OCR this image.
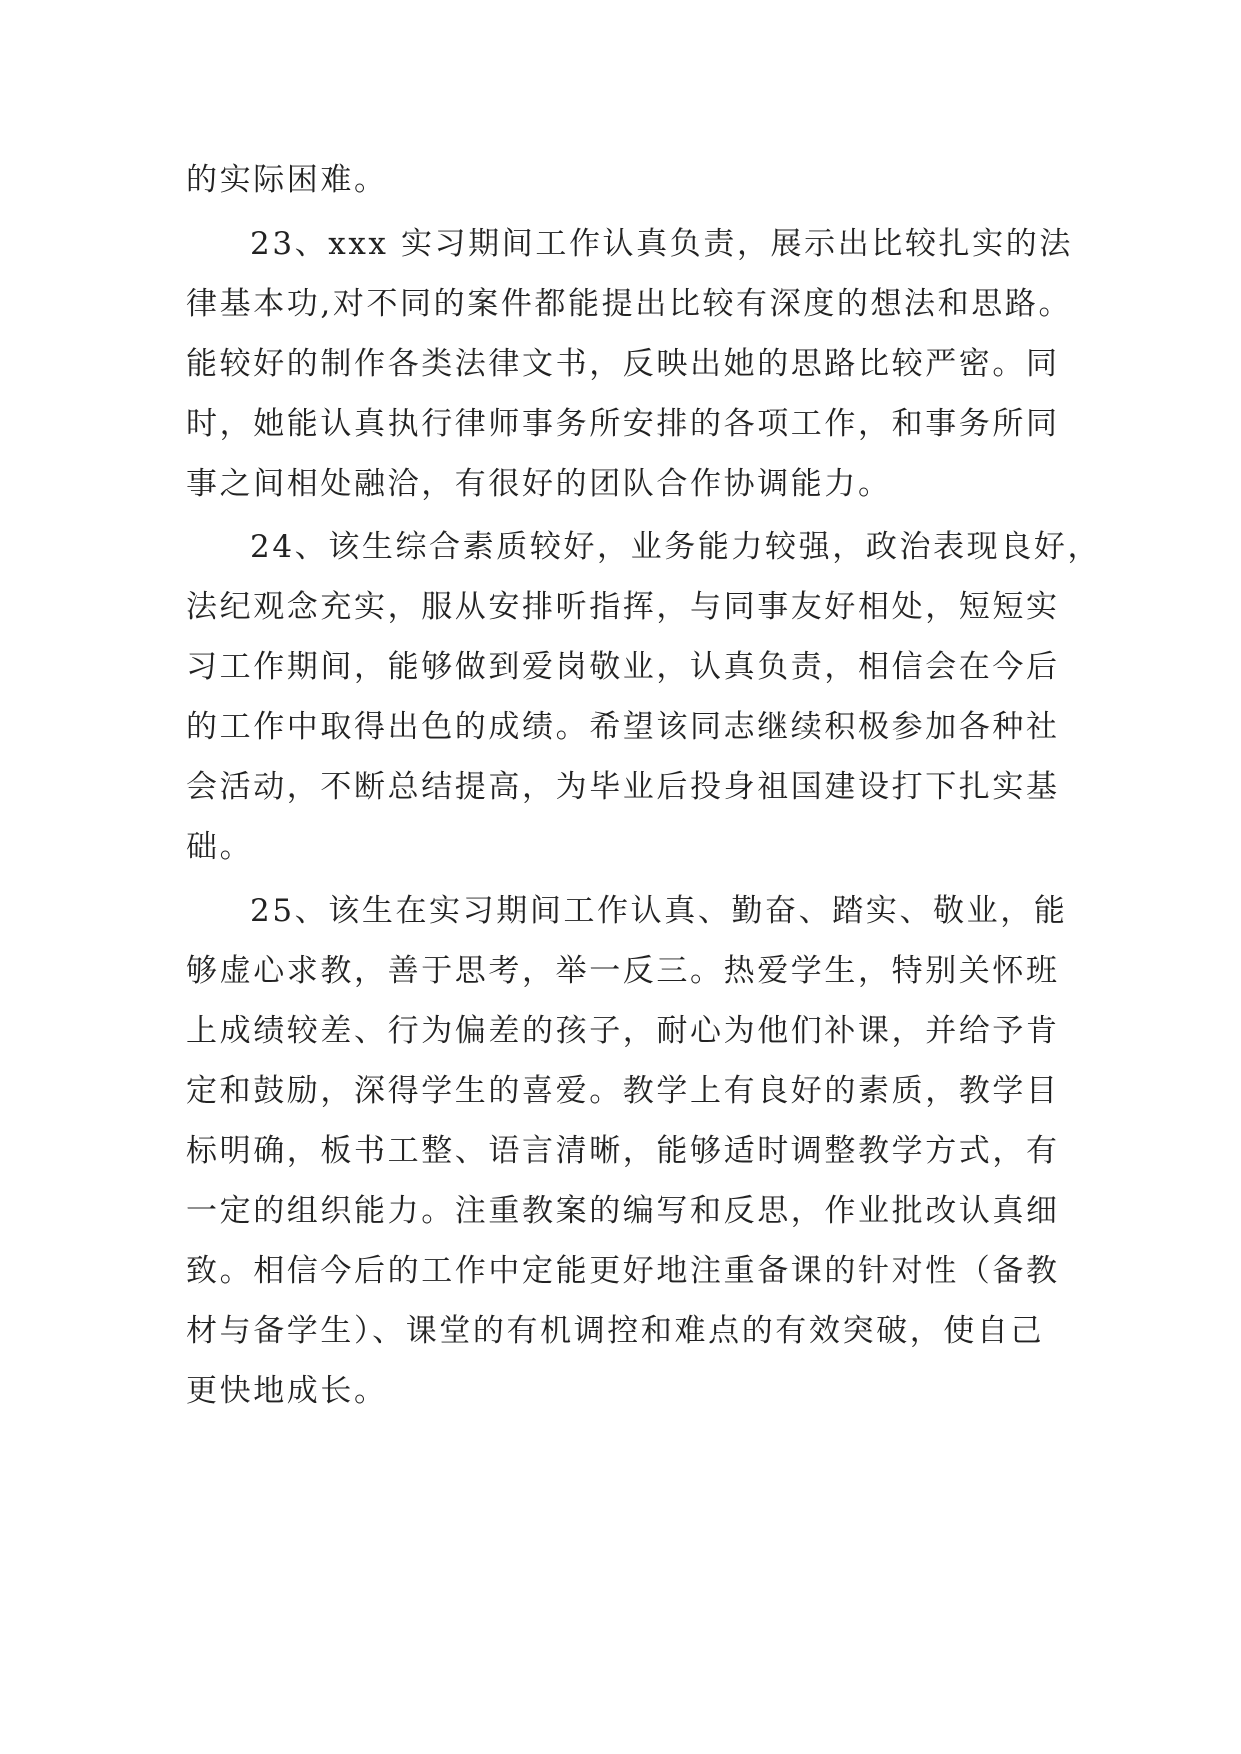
的实际困难。
23、xxx 实习期间工作认真负责，展示出比较扎实的法
律基本功,对不同的案件都能提出比较有深度的想法和思路。
能较好的制作各类法律文书，反映出她的思路比较严密。同
时，她能认真执行律师事务所安排的各项工作，和事务所同
事之间相处融洽，有很好的团队合作协调能力。
24、该生综合素质较好，业务能力较强，政治表现良好，
法纪观念充实，服从安排听指挥，与同事友好相处，短短实
习工作期间，能够做到爱岗敬业，认真负责，相信会在今后
的工作中取得出色的成绩。希望该同志继续积极参加各种社
会活动，不断总结提高，为毕业后投身祖国建设打下扎实基
础。
25、该生在实习期间工作认真、勤奋、踏实、敬业，能
够虚心求教，善于思考，举一反三。热爱学生，特别关怀班
上成绩较差、行为偏差的孩子，耐心为他们补课，并给予肯
定和鼓励，深得学生的喜爱。教学上有良好的素质，教学目
标明确，板书工整、语言清晰，能够适时调整教学方式，有
一定的组织能力。注重教案的编写和反思，作业批改认真细
致。相信今后的工作中定能更好地注重备课的针对性（备教
材与备学生）、课堂的有机调控和难点的有效突破，使自己
更快地成长。
